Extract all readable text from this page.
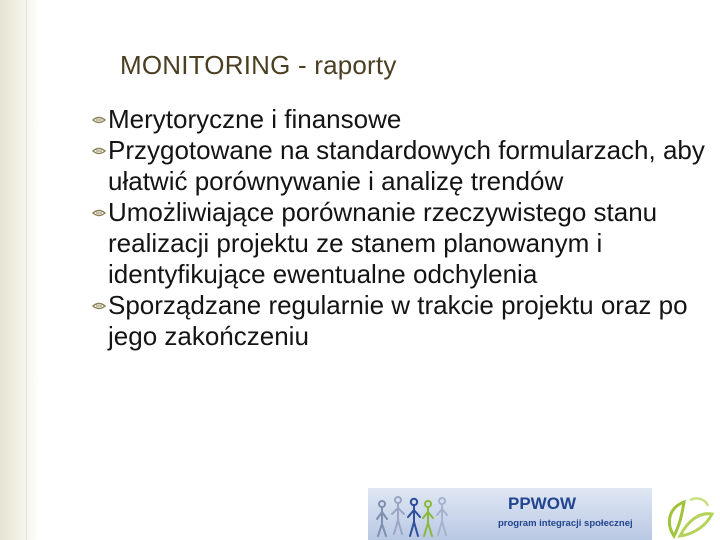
MONITORING - raporty
Merytoryczne i finansowe
Przygotowane na standardowych formularzach, aby ułatwić porównywanie i analizę trendów
Umożliwiające porównanie rzeczywistego stanu realizacji projektu ze stanem planowanym i identyfikujące ewentualne odchylenia
Sporządzane regularnie w trakcie projektu oraz po jego zakończeniu
PPWOW
program integracji społecznej
